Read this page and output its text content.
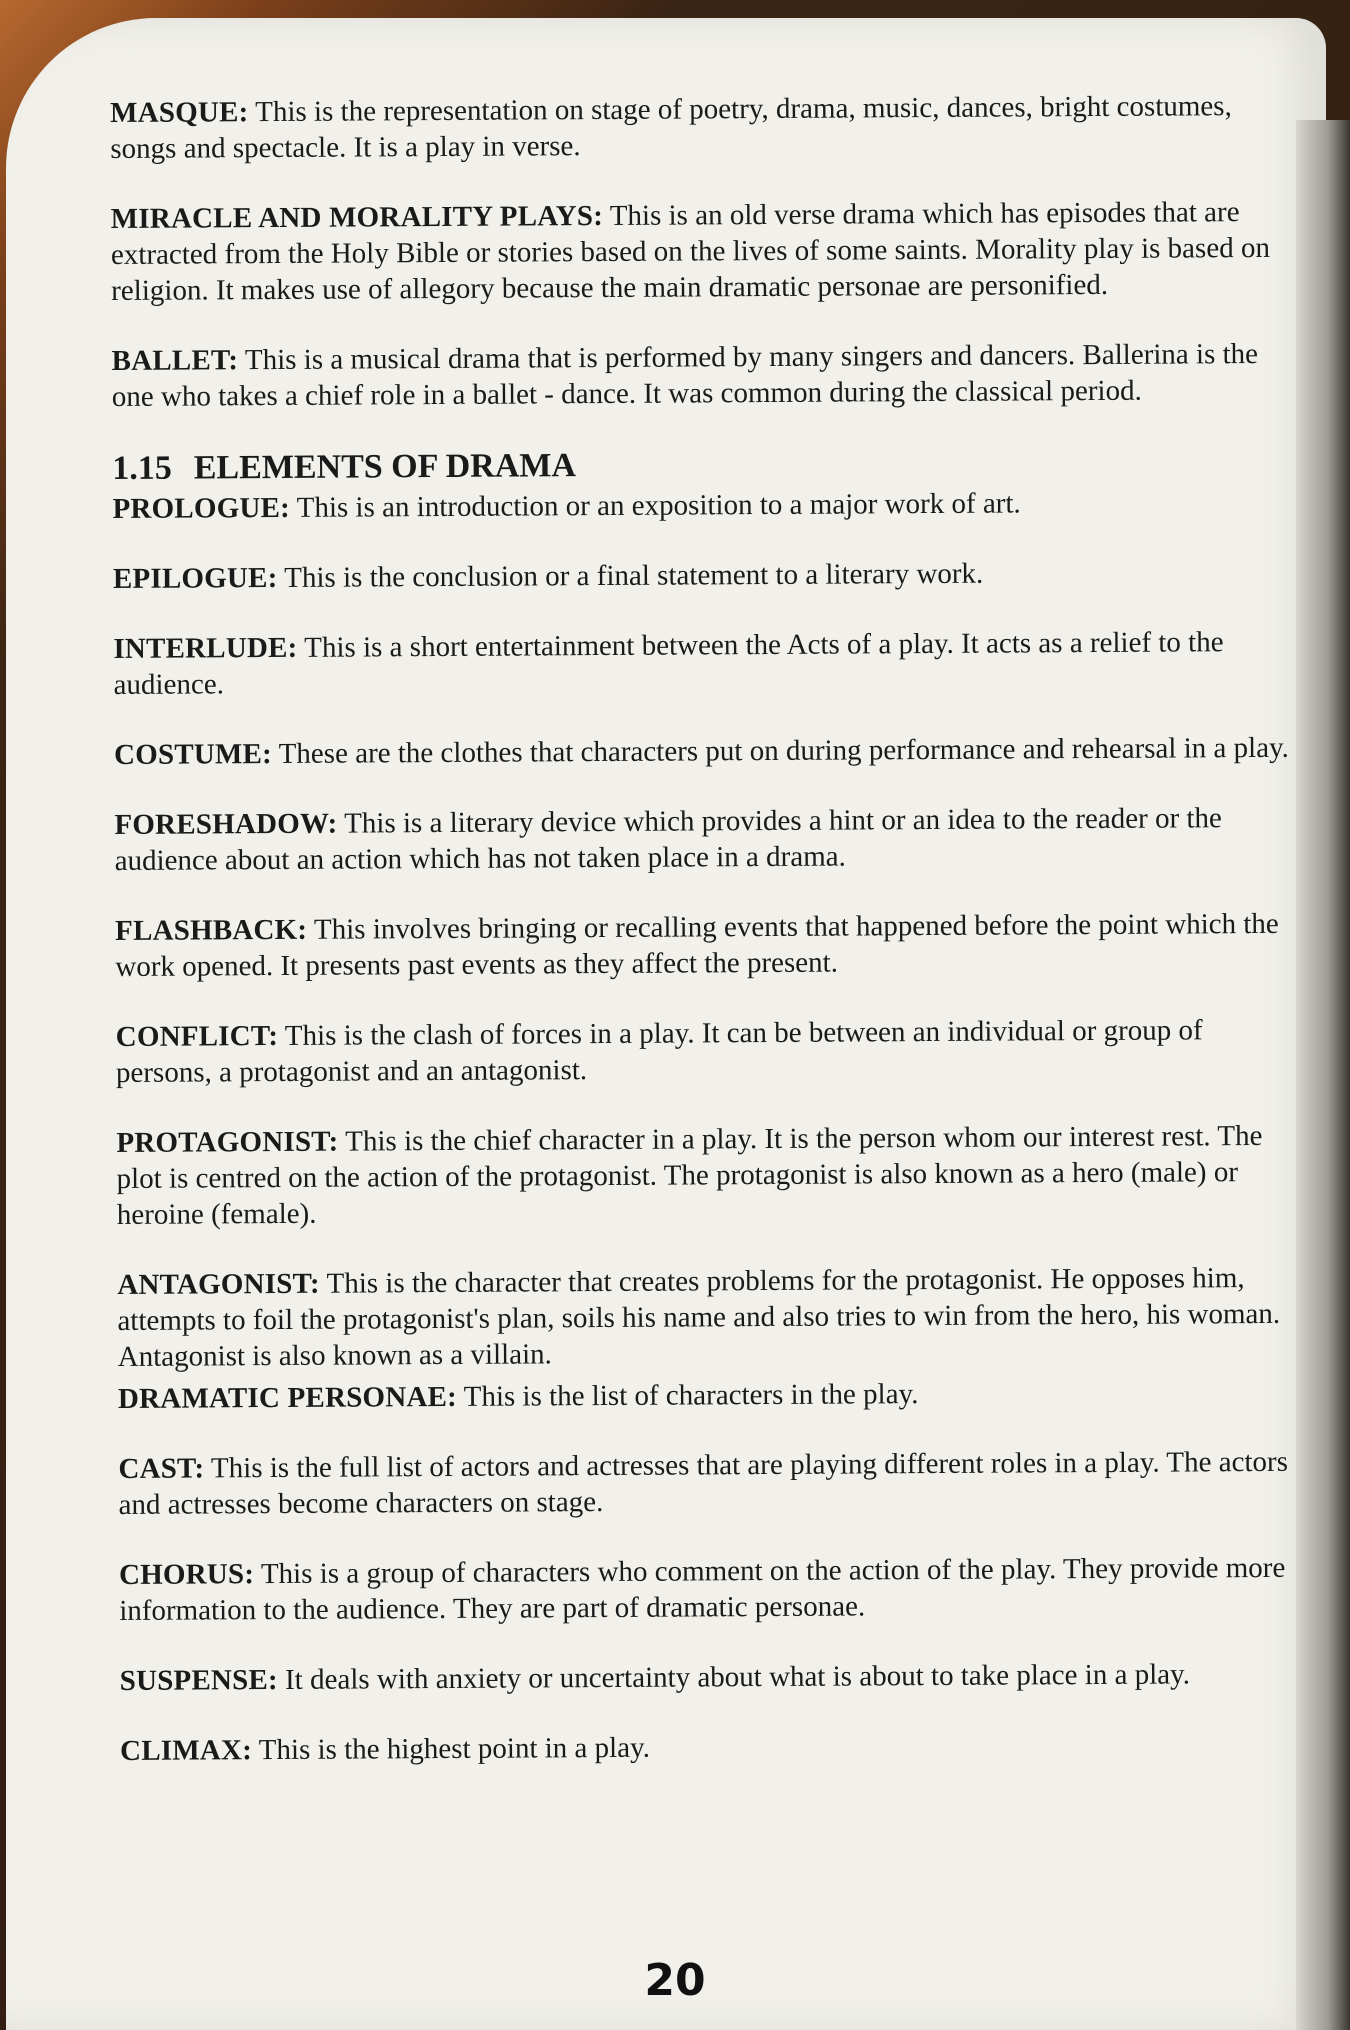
MASQUE: This is the representation on stage of poetry, drama, music, dances, bright costumes, songs and spectacle. It is a play in verse.
MIRACLE AND MORALITY PLAYS: This is an old verse drama which has episodes that are extracted from the Holy Bible or stories based on the lives of some saints. Morality play is based on religion. It makes use of allegory because the main dramatic personae are personified.
BALLET: This is a musical drama that is performed by many singers and dancers. Ballerina is the one who takes a chief role in a ballet - dance. It was common during the classical period.
1.15 ELEMENTS OF DRAMA
PROLOGUE: This is an introduction or an exposition to a major work of art.
EPILOGUE: This is the conclusion or a final statement to a literary work.
INTERLUDE: This is a short entertainment between the Acts of a play. It acts as a relief to the audience.
COSTUME: These are the clothes that characters put on during performance and rehearsal in a play.
FORESHADOW: This is a literary device which provides a hint or an idea to the reader or the audience about an action which has not taken place in a drama.
FLASHBACK: This involves bringing or recalling events that happened before the point which the work opened. It presents past events as they affect the present.
CONFLICT: This is the clash of forces in a play. It can be between an individual or group of persons, a protagonist and an antagonist.
PROTAGONIST: This is the chief character in a play. It is the person whom our interest rest. The plot is centred on the action of the protagonist. The protagonist is also known as a hero (male) or heroine (female).
ANTAGONIST: This is the character that creates problems for the protagonist. He opposes him, attempts to foil the protagonist's plan, soils his name and also tries to win from the hero, his woman. Antagonist is also known as a villain.
DRAMATIC PERSONAE: This is the list of characters in the play.
CAST: This is the full list of actors and actresses that are playing different roles in a play. The actors and actresses become characters on stage.
CHORUS: This is a group of characters who comment on the action of the play. They provide more information to the audience. They are part of dramatic personae.
SUSPENSE: It deals with anxiety or uncertainty about what is about to take place in a play.
CLIMAX: This is the highest point in a play.
20
